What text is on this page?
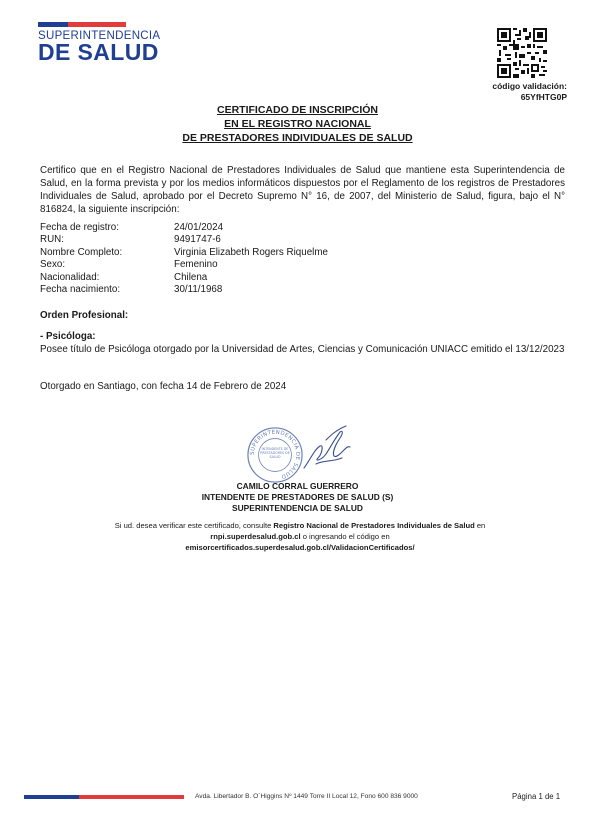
SUPERINTENDENCIA
DE SALUD
código validación:
65YfHTG0P
CERTIFICADO DE INSCRIPCIÓN
EN EL REGISTRO NACIONAL
DE PRESTADORES INDIVIDUALES DE SALUD

Certifico que en el Registro Nacional de Prestadores Individuales de Salud que mantiene esta Superintendencia de Salud, en la forma prevista y por los medios informáticos dispuestos por el Reglamento de los registros de Prestadores Individuales de Salud, aprobado por el Decreto Supremo N° 16, de 2007, del Ministerio de Salud, figura, bajo el N° 816824, la siguiente inscripción:

Fecha de registro:	24/01/2024
RUN:	9491747-6
Nombre Completo:	Virginia Elizabeth Rogers Riquelme
Sexo:	Femenino
Nacionalidad:	Chilena
Fecha nacimiento:	30/11/1968
Orden Profesional:
- Psicóloga:

Posee título de Psicóloga otorgado por la Universidad de Artes, Ciencias y Comunicación UNIACC emitido el 13/12/2023

Otorgado en Santiago, con fecha 14 de Febrero de 2024

SUPERINTENDENCIA DE SALUD
INTENDENTE DE PRESTADORES DE SALUD
CAMILO CORRAL GUERRERO
INTENDENTE DE PRESTADORES DE SALUD (S)
SUPERINTENDENCIA DE SALUD
Si ud. desea verificar este certificado, consulte Registro Nacional de Prestadores Individuales de Salud en rnpi.superdesalud.gob.cl o ingresando el código en
emisorcertificados.superdesalud.gob.cl/ValidacionCertificados/
Avda. Libertador B. O´Higgins Nº 1449 Torre II Local 12, Fono 600 836 9000	Página 1 de 1
